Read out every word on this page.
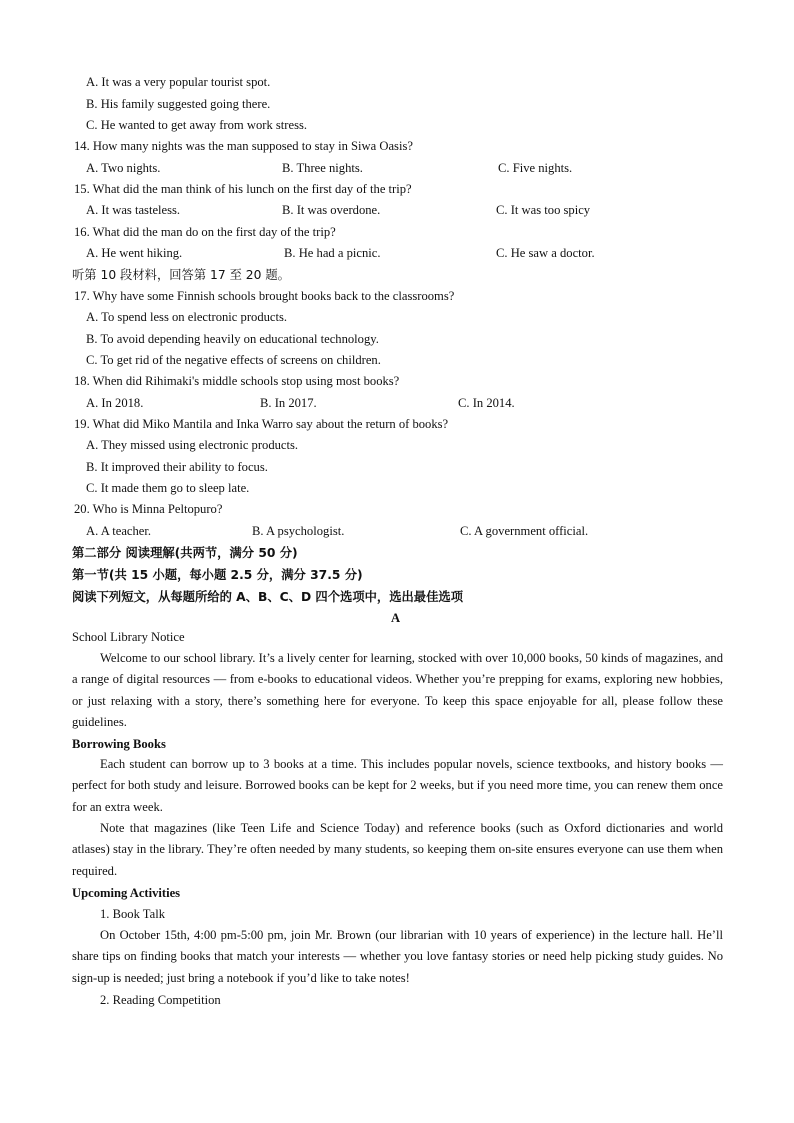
A. It was a very popular tourist spot.
B. His family suggested going there.
C. He wanted to get away from work stress.
14. How many nights was the man supposed to stay in Siwa Oasis?
A. Two nights.	B. Three nights.	C. Five nights.
15. What did the man think of his lunch on the first day of the trip?
A. It was tasteless.	B. It was overdone.	C. It was too spicy
16. What did the man do on the first day of the trip?
A. He went hiking.	B. He had a picnic.	C. He saw a doctor.
听第 10 段材料，回答第 17 至 20 题。
17. Why have some Finnish schools brought books back to the classrooms?
A. To spend less on electronic products.
B. To avoid depending heavily on educational technology.
C. To get rid of the negative effects of screens on children.
18. When did Rihimaki's middle schools stop using most books?
A. In 2018.	B. In 2017.	C. In 2014.
19. What did Miko Mantila and Inka Warro say about the return of books?
A. They missed using electronic products.
B. It improved their ability to focus.
C. It made them go to sleep late.
20. Who is Minna Peltopuro?
A. A teacher.	B. A psychologist.	C. A government official.
第二部分 阅读理解(共两节，满分 50 分)
第一节(共 15 小题，每小题 2.5 分，满分 37.5 分)
阅读下列短文，从每题所给的 A、B、C、D 四个选项中，选出最佳选项
A
School Library Notice
Welcome to our school library. It’s a lively center for learning, stocked with over 10,000 books, 50 kinds of magazines, and a range of digital resources — from e-books to educational videos. Whether you’re prepping for exams, exploring new hobbies, or just relaxing with a story, there’s something here for everyone. To keep this space enjoyable for all, please follow these guidelines.
Borrowing Books
Each student can borrow up to 3 books at a time. This includes popular novels, science textbooks, and history books — perfect for both study and leisure. Borrowed books can be kept for 2 weeks, but if you need more time, you can renew them once for an extra week.
Note that magazines (like Teen Life and Science Today) and reference books (such as Oxford dictionaries and world atlases) stay in the library. They’re often needed by many students, so keeping them on-site ensures everyone can use them when required.
Upcoming Activities
1. Book Talk
On October 15th, 4:00 pm-5:00 pm, join Mr. Brown (our librarian with 10 years of experience) in the lecture hall. He’ll share tips on finding books that match your interests — whether you love fantasy stories or need help picking study guides. No sign-up is needed; just bring a notebook if you’d like to take notes!
2. Reading Competition
